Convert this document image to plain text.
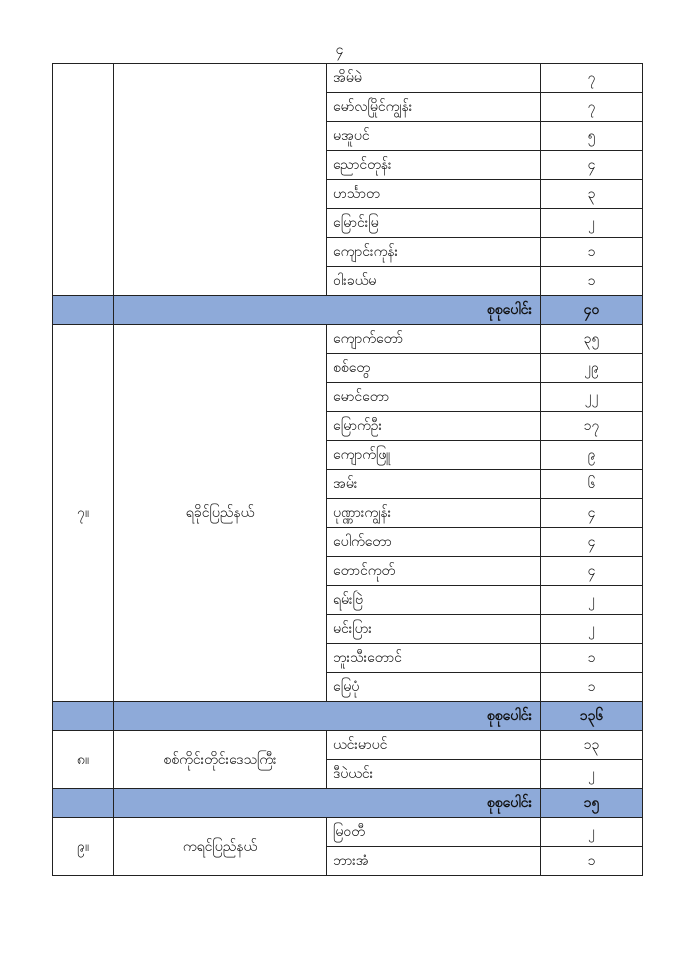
၄
		အိမ်မဲ	၇
		မော်လမြိုင်ကျွန်း	၇
		မအူပင်	၅
		ညောင်တုန်း	၄
		ဟင်္သာတ	၃
		မြောင်းမြ	၂
		ကျောင်းကုန်း	၁
		ဝါးခယ်မ	၁
	စုစုပေါင်း		၄၀
၇။	ရခိုင်ပြည်နယ်	ကျောက်တော်	၃၅
		စစ်တွေ	၂၉
		မောင်တော	၂၂
		မြောက်ဦး	၁၇
		ကျောက်ဖြူ	၉
		အမ်း	၆
		ပုဏ္ဏားကျွန်း	၄
		ပေါက်တော	၄
		တောင်ကုတ်	၄
		ရမ်းဗြဲ	၂
		မင်းပြား	၂
		ဘူးသီးတောင်	၁
		မြေပုံ	၁
	စုစုပေါင်း		၁၃၆
၈။	စစ်ကိုင်းတိုင်းဒေသကြီး	ယင်းမာပင်	၁၃
		ဒီပဲယင်း	၂
	စုစုပေါင်း		၁၅
၉။	ကရင်ပြည်နယ်	မြဝတီ	၂
		ဘားအံ	၁
